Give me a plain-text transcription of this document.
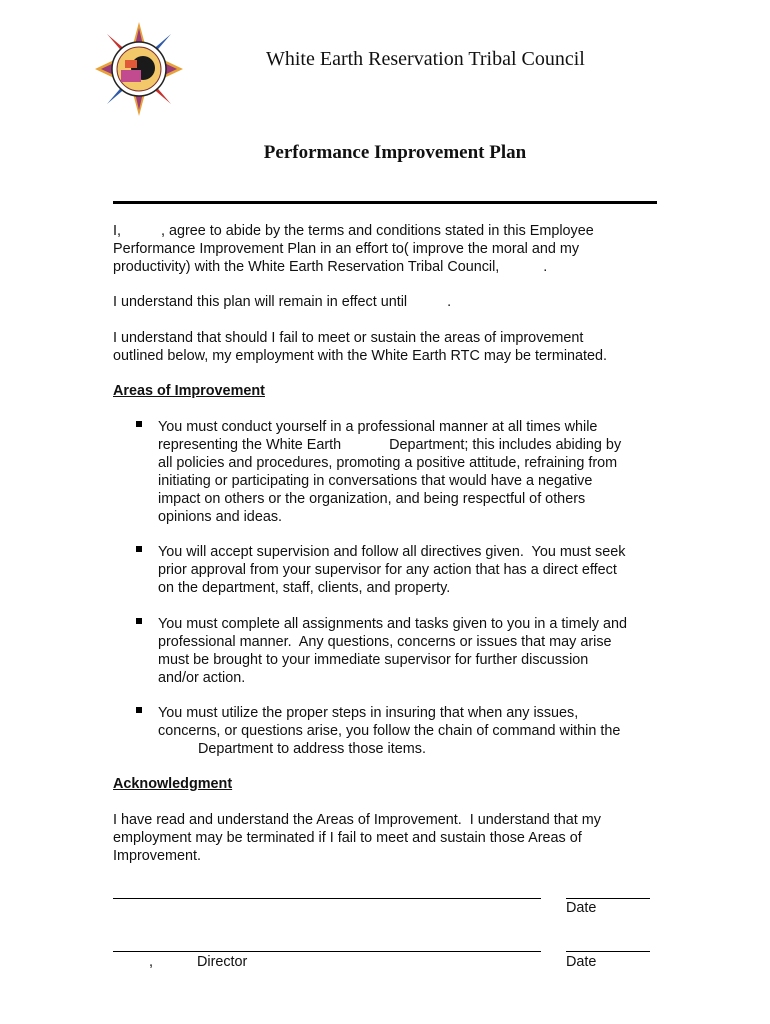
White Earth Reservation Tribal Council
Performance Improvement Plan
I,          , agree to abide by the terms and conditions stated in this Employee
Performance Improvement Plan in an effort to( improve the moral and my
productivity) with the White Earth Reservation Tribal Council,           .
I understand this plan will remain in effect until          .
I understand that should I fail to meet or sustain the areas of improvement
outlined below, my employment with the White Earth RTC may be terminated.
Areas of Improvement
You must conduct yourself in a professional manner at all times while
representing the White Earth            Department; this includes abiding by
all policies and procedures, promoting a positive attitude, refraining from
initiating or participating in conversations that would have a negative
impact on others or the organization, and being respectful of others
opinions and ideas.
You will accept supervision and follow all directives given.  You must seek
prior approval from your supervisor for any action that has a direct effect
on the department, staff, clients, and property.
You must complete all assignments and tasks given to you in a timely and
professional manner.  Any questions, concerns or issues that may arise
must be brought to your immediate supervisor for further discussion
and/or action.
You must utilize the proper steps in insuring that when any issues,
concerns, or questions arise, you follow the chain of command within the
Department to address those items.
Acknowledgment
I have read and understand the Areas of Improvement.  I understand that my
employment may be terminated if I fail to meet and sustain those Areas of
Improvement.
Date
,           Director	Date
